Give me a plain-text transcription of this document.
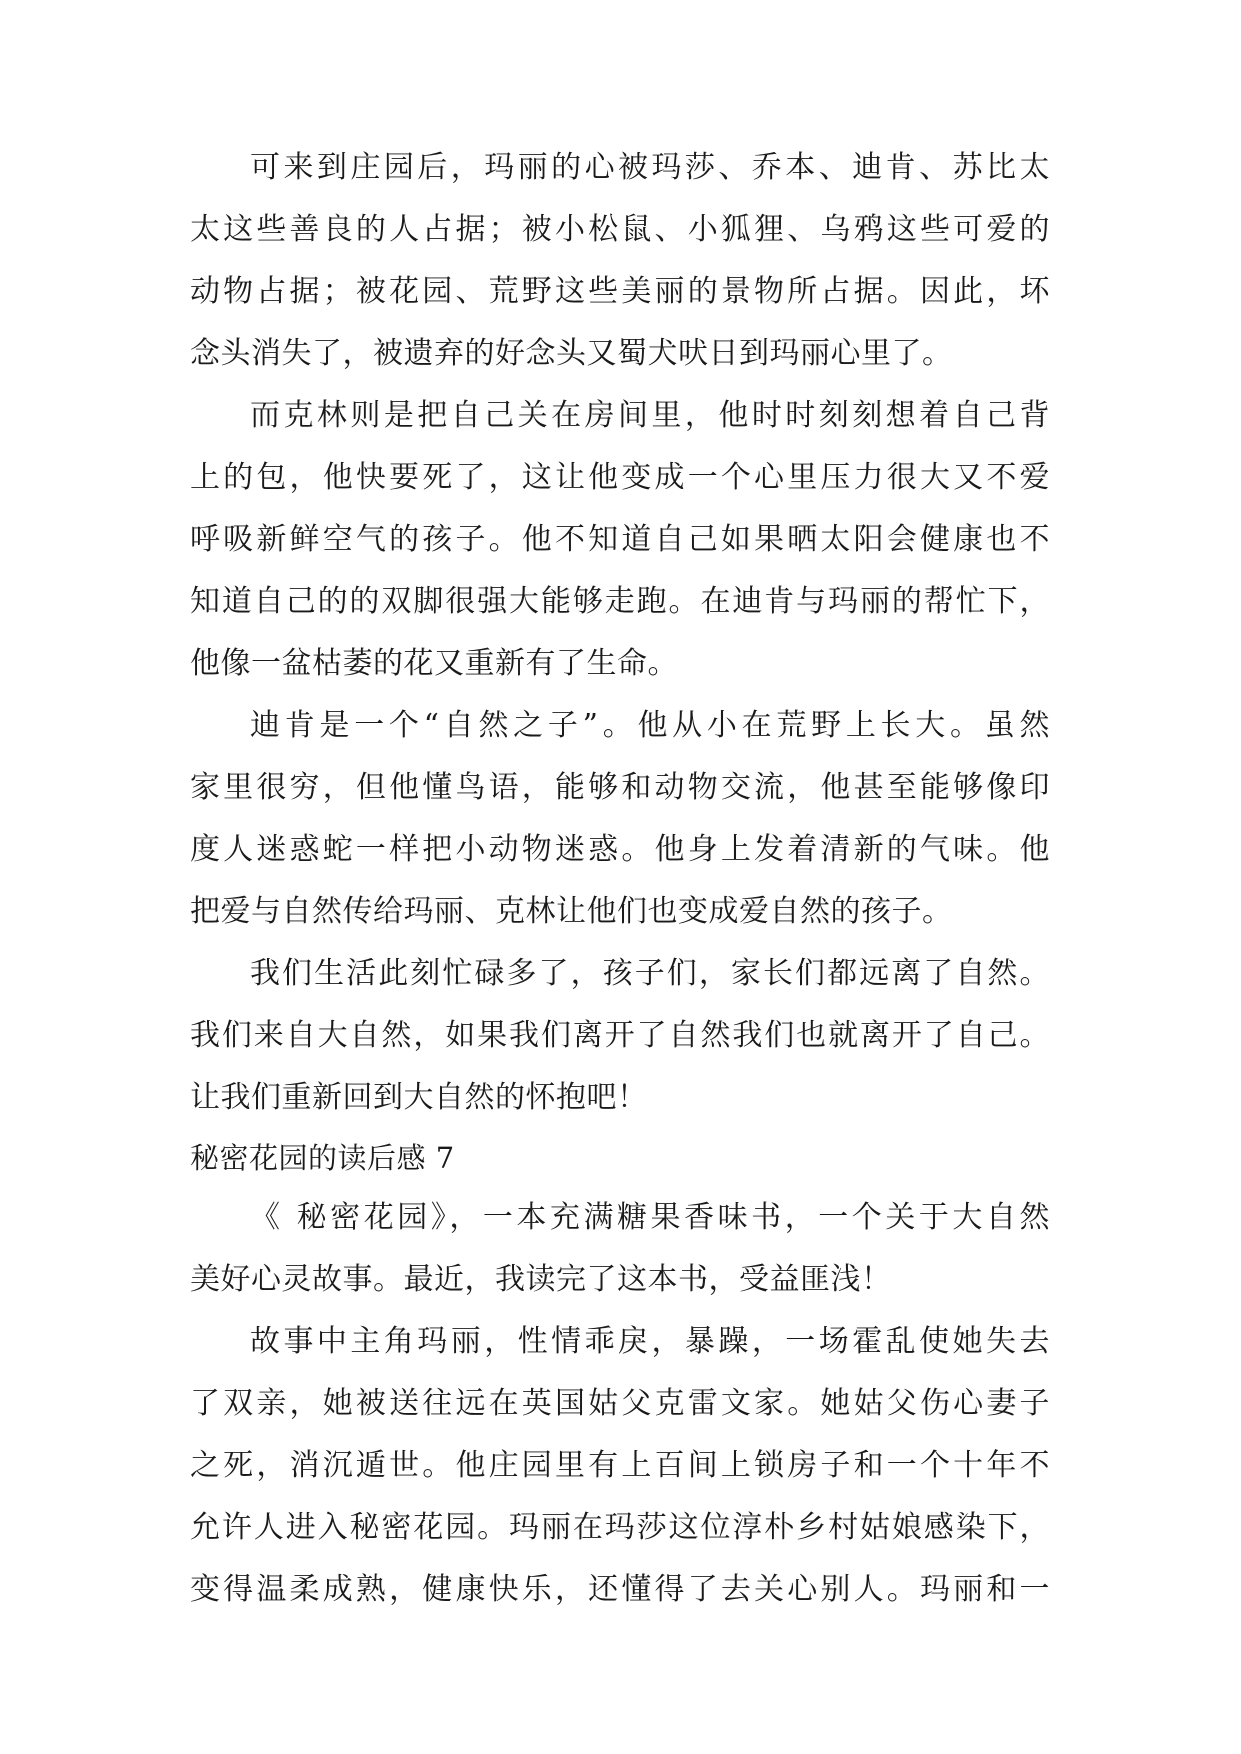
可来到庄园后，玛丽的心被玛莎、乔本、迪肯、苏比太
太这些善良的人占据；被小松鼠、小狐狸、乌鸦这些可爱的
动物占据；被花园、荒野这些美丽的景物所占据。因此，坏
念头消失了，被遗弃的好念头又蜀犬吠日到玛丽心里了。
而克林则是把自己关在房间里，他时时刻刻想着自己背
上的包，他快要死了，这让他变成一个心里压力很大又不爱
呼吸新鲜空气的孩子。他不知道自己如果晒太阳会健康也不
知道自己的的双脚很强大能够走跑。在迪肯与玛丽的帮忙下，
他像一盆枯萎的花又重新有了生命。
迪肯是一个“自然之子”。他从小在荒野上长大。虽然
家里很穷，但他懂鸟语，能够和动物交流，他甚至能够像印
度人迷惑蛇一样把小动物迷惑。他身上发着清新的气味。他
把爱与自然传给玛丽、克林让他们也变成爱自然的孩子。
我们生活此刻忙碌多了，孩子们，家长们都远离了自然。
我们来自大自然，如果我们离开了自然我们也就离开了自己。
让我们重新回到大自然的怀抱吧！
秘密花园的读后感 7
《 秘密花园》，一本充满糖果香味书，一个关于大自然
美好心灵故事。最近，我读完了这本书，受益匪浅！
故事中主角玛丽，性情乖戾，暴躁，一场霍乱使她失去
了双亲，她被送往远在英国姑父克雷文家。她姑父伤心妻子
之死，消沉遁世。他庄园里有上百间上锁房子和一个十年不
允许人进入秘密花园。玛丽在玛莎这位淳朴乡村姑娘感染下，
变得温柔成熟，健康快乐，还懂得了去关心别人。玛丽和一
